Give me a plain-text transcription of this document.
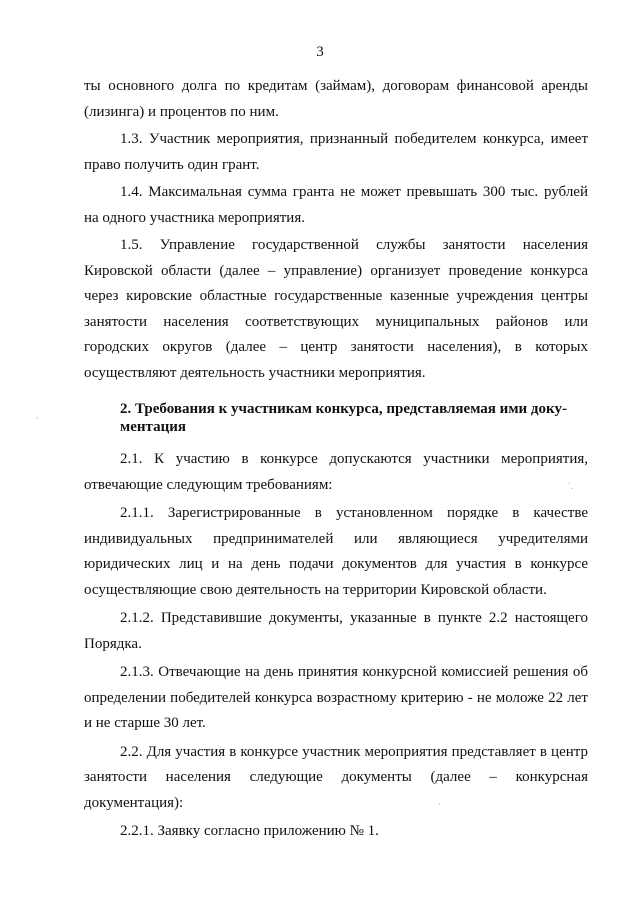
3

ты основного долга по кредитам (займам), договорам финансовой аренды (лизинга) и процентов по ним.

1.3. Участник мероприятия, признанный победителем конкурса, имеет право получить один грант.

1.4. Максимальная сумма гранта не может превышать 300 тыс. рублей на одного участника мероприятия.

1.5. Управление государственной службы занятости населения Кировской области (далее – управление) организует проведение конкурса через кировские областные государственные казенные учреждения центры занятости населения соответствующих муниципальных районов или городских округов (далее – центр занятости населения), в которых осуществляют деятельность участники мероприятия.

2. Требования к участникам конкурса, представляемая ими доку-
ментация

2.1. К участию в конкурсе допускаются участники мероприятия, отвечающие следующим требованиям:

2.1.1. Зарегистрированные в установленном порядке в качестве
индивидуальных предпринимателей или являющиеся учредителями
юридических лиц и на день подачи документов для участия в конкурсе осуществляющие свою деятельность на территории Кировской области.

2.1.2. Представившие документы, указанные в пункте 2.2 настоящего Порядка.

2.1.3. Отвечающие на день принятия конкурсной комиссией решения об определении победителей конкурса возрастному критерию - не моложе 22 лет и не старше 30 лет.

2.2. Для участия в конкурсе участник мероприятия представляет в центр
занятости населения следующие документы (далее – конкурсная
документация):

2.2.1. Заявку согласно приложению № 1.

˙.
·
·
